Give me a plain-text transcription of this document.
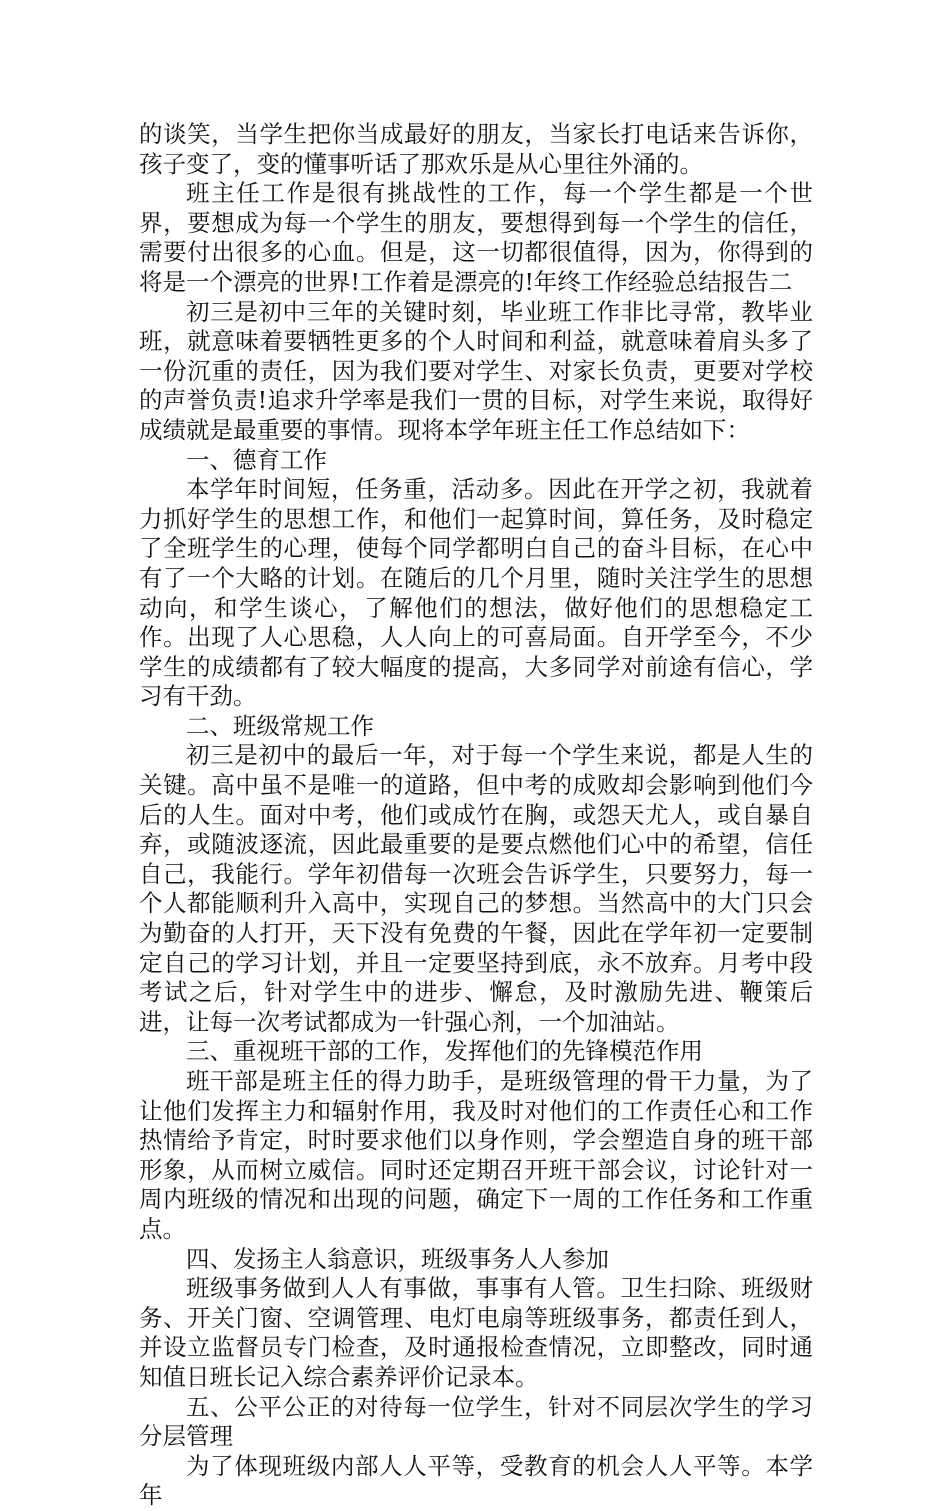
的谈笑，当学生把你当成最好的朋友，当家长打电话来告诉你，孩子变了，变的懂事听话了那欢乐是从心里往外涌的。

班主任工作是很有挑战性的工作，每一个学生都是一个世界，要想成为每一个学生的朋友，要想得到每一个学生的信任，需要付出很多的心血。但是，这一切都很值得，因为，你得到的将是一个漂亮的世界!工作着是漂亮的!年终工作经验总结报告二

初三是初中三年的关键时刻，毕业班工作非比寻常，教毕业班，就意味着要牺牲更多的个人时间和利益，就意味着肩头多了一份沉重的责任，因为我们要对学生、对家长负责，更要对学校的声誉负责!追求升学率是我们一贯的目标，对学生来说，取得好成绩就是最重要的事情。现将本学年班主任工作总结如下：

一、德育工作

本学年时间短，任务重，活动多。因此在开学之初，我就着力抓好学生的思想工作，和他们一起算时间，算任务，及时稳定了全班学生的心理，使每个同学都明白自己的奋斗目标，在心中有了一个大略的计划。在随后的几个月里，随时关注学生的思想动向，和学生谈心，了解他们的想法，做好他们的思想稳定工作。出现了人心思稳，人人向上的可喜局面。自开学至今，不少学生的成绩都有了较大幅度的提高，大多同学对前途有信心，学习有干劲。

二、班级常规工作

初三是初中的最后一年，对于每一个学生来说，都是人生的关键。高中虽不是唯一的道路，但中考的成败却会影响到他们今后的人生。面对中考，他们或成竹在胸，或怨天尤人，或自暴自弃，或随波逐流，因此最重要的是要点燃他们心中的希望，信任自己，我能行。学年初借每一次班会告诉学生，只要努力，每一个人都能顺利升入高中，实现自己的梦想。当然高中的大门只会为勤奋的人打开，天下没有免费的午餐，因此在学年初一定要制定自己的学习计划，并且一定要坚持到底，永不放弃。月考中段考试之后，针对学生中的进步、懈怠，及时激励先进、鞭策后进，让每一次考试都成为一针强心剂，一个加油站。

三、重视班干部的工作，发挥他们的先锋模范作用

班干部是班主任的得力助手，是班级管理的骨干力量，为了让他们发挥主力和辐射作用，我及时对他们的工作责任心和工作热情给予肯定，时时要求他们以身作则，学会塑造自身的班干部形象，从而树立威信。同时还定期召开班干部会议，讨论针对一周内班级的情况和出现的问题，确定下一周的工作任务和工作重点。

四、发扬主人翁意识，班级事务人人参加

班级事务做到人人有事做，事事有人管。卫生扫除、班级财务、开关门窗、空调管理、电灯电扇等班级事务，都责任到人，并设立监督员专门检查，及时通报检查情况，立即整改，同时通知值日班长记入综合素养评价记录本。

五、公平公正的对待每一位学生，针对不同层次学生的学习分层管理

为了体现班级内部人人平等，受教育的机会人人平等。本学年
